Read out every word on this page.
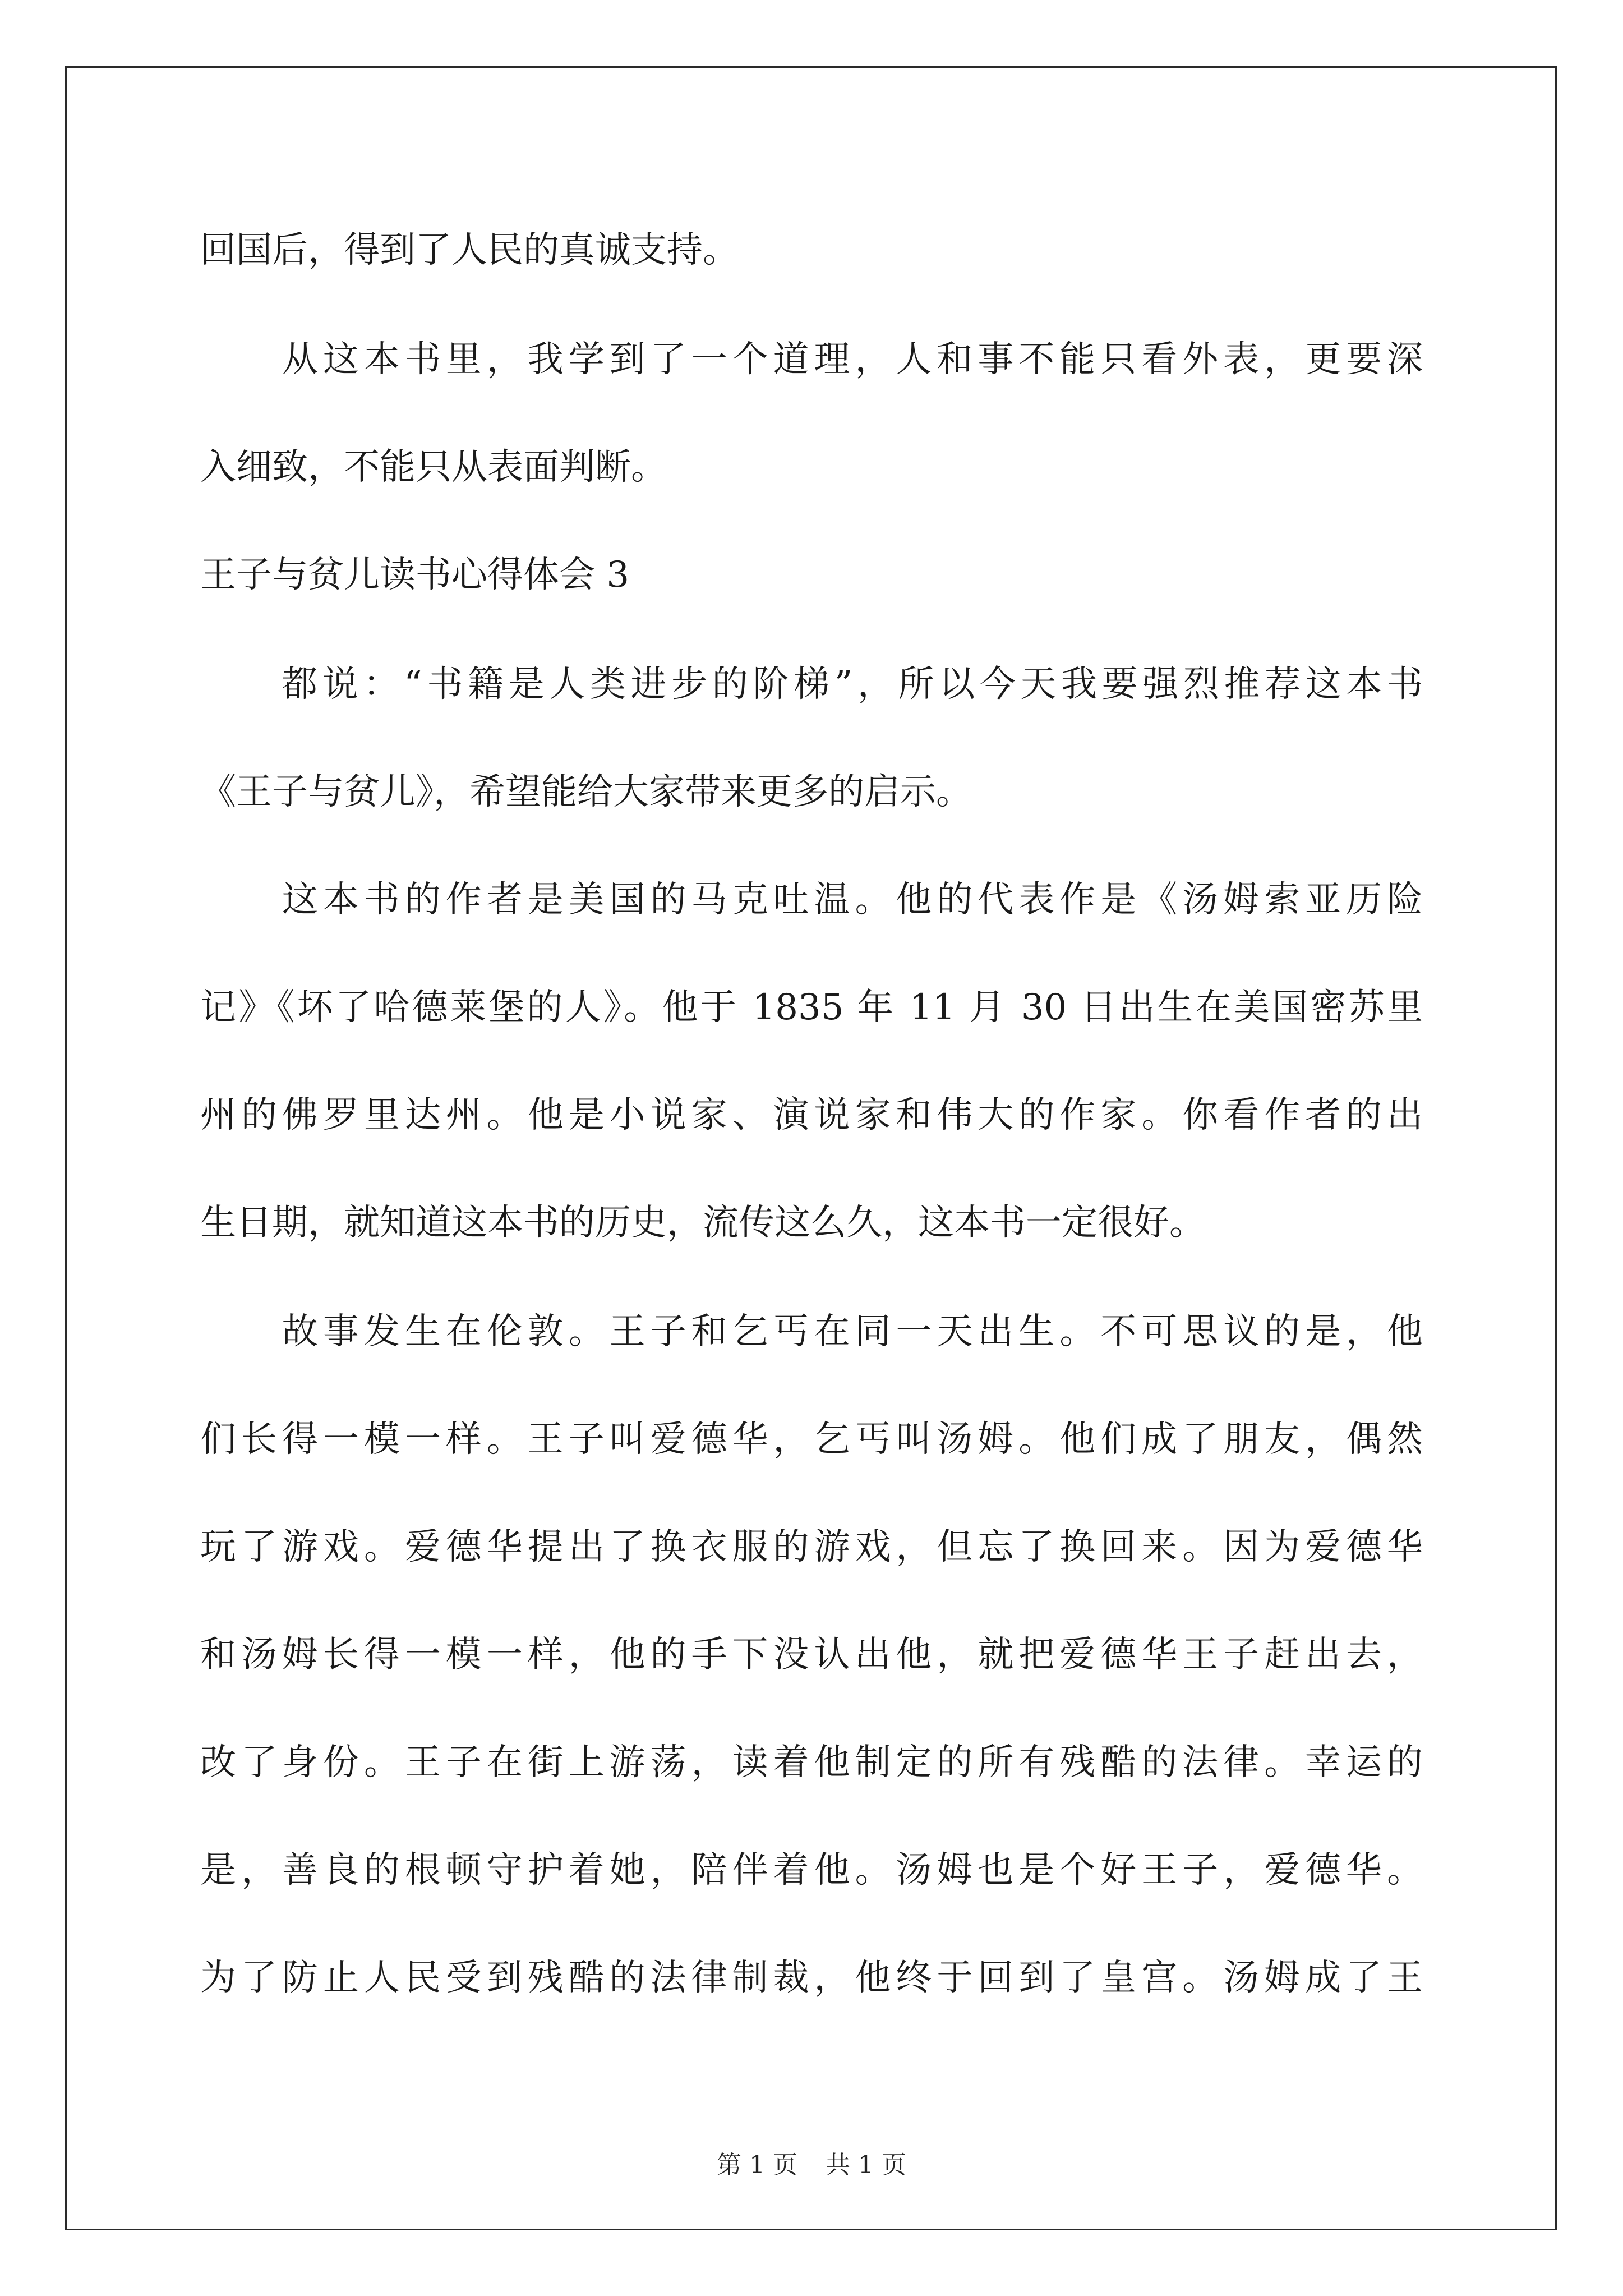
回国后，得到了人民的真诚支持。

　　从这本书里，我学到了一个道理，人和事不能只看外表，更要深

入细致，不能只从表面判断。

王子与贫儿读书心得体会 3

　　都说：“书籍是人类进步的阶梯”，所以今天我要强烈推荐这本书

《王子与贫儿》，希望能给大家带来更多的启示。

　　这本书的作者是美国的马克吐温。他的代表作是《汤姆索亚历险

记》《坏了哈德莱堡的人》。他于 1835 年 11 月 30 日出生在美国密苏里

州的佛罗里达州。他是小说家、演说家和伟大的作家。你看作者的出

生日期，就知道这本书的历史，流传这么久，这本书一定很好。

　　故事发生在伦敦。王子和乞丐在同一天出生。不可思议的是，他

们长得一模一样。王子叫爱德华，乞丐叫汤姆。他们成了朋友，偶然

玩了游戏。爱德华提出了换衣服的游戏，但忘了换回来。因为爱德华

和汤姆长得一模一样，他的手下没认出他，就把爱德华王子赶出去，

改了身份。王子在街上游荡，读着他制定的所有残酷的法律。幸运的

是，善良的根顿守护着她，陪伴着他。汤姆也是个好王子，爱德华。

为了防止人民受到残酷的法律制裁，他终于回到了皇宫。汤姆成了王

第 1 页 共 1 页
